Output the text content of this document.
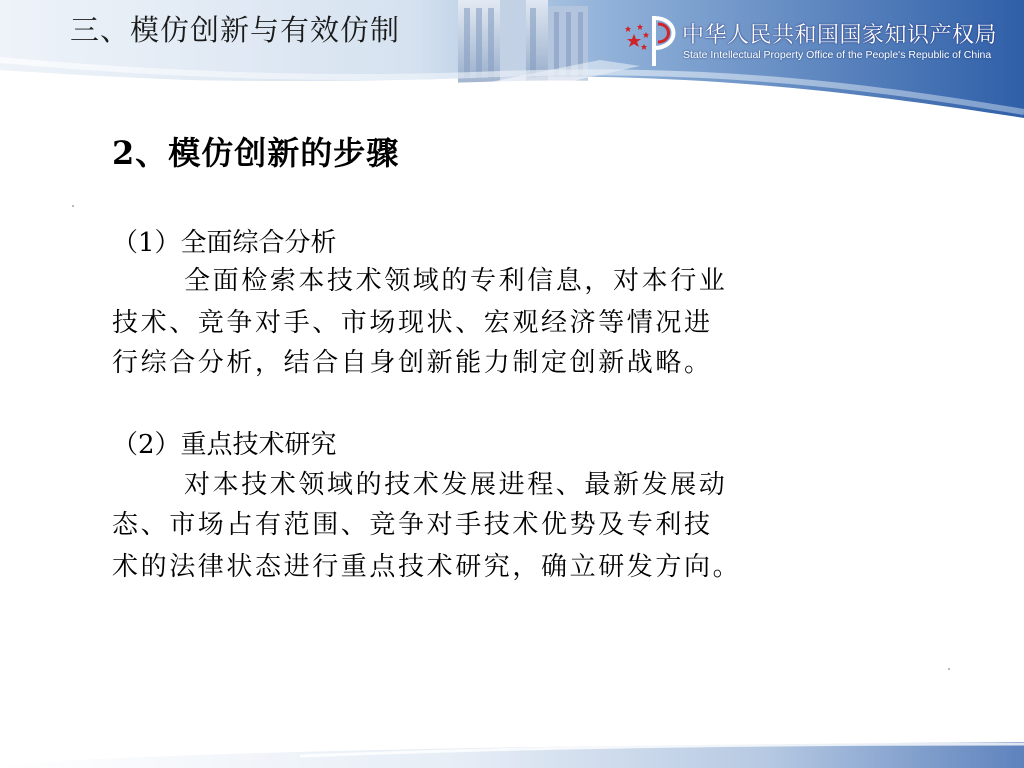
三、模仿创新与有效仿制	中华人民共和国国家知识产权局
State Intellectual Property Office of the People's Republic of China
2、模仿创新的步骤
（1）全面综合分析
全面检索本技术领域的专利信息，对本行业
技术、竞争对手、市场现状、宏观经济等情况进
行综合分析，结合自身创新能力制定创新战略。
（2）重点技术研究
对本技术领域的技术发展进程、最新发展动
态、市场占有范围、竞争对手技术优势及专利技
术的法律状态进行重点技术研究，确立研发方向。
